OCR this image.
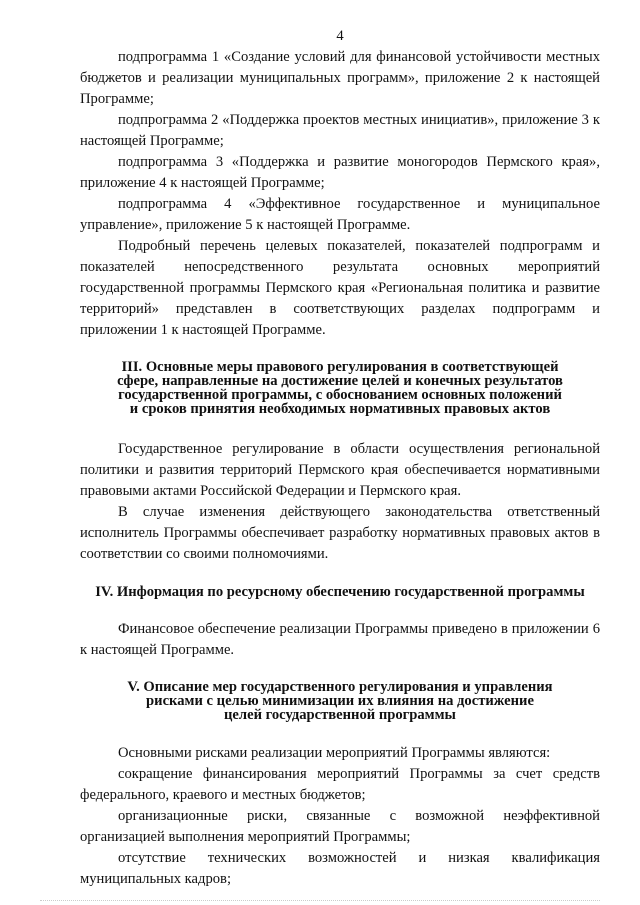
4

подпрограмма 1 «Создание условий для финансовой устойчивости местных бюджетов и реализации муниципальных программ», приложение 2 к настоящей Программе;

подпрограмма 2 «Поддержка проектов местных инициатив», приложение 3 к настоящей Программе;

подпрограмма 3 «Поддержка и развитие моногородов Пермского края», приложение 4 к настоящей Программе;

подпрограмма 4 «Эффективное государственное и муниципальное управление», приложение 5 к настоящей Программе.

Подробный перечень целевых показателей, показателей подпрограмм и показателей непосредственного результата основных мероприятий государственной программы Пермского края «Региональная политика и развитие территорий» представлен в соответствующих разделах подпрограмм и приложении 1 к настоящей Программе.

III. Основные меры правового регулирования в соответствующей
сфере, направленные на достижение целей и конечных результатов
государственной программы, с обоснованием основных положений
и сроков принятия необходимых нормативных правовых актов

Государственное регулирование в области осуществления региональной политики и развития территорий Пермского края обеспечивается нормативными правовыми актами Российской Федерации и Пермского края.

В случае изменения действующего законодательства ответственный исполнитель Программы обеспечивает разработку нормативных правовых актов в соответствии со своими полномочиями.

IV. Информация по ресурсному обеспечению государственной программы

Финансовое обеспечение реализации Программы приведено в приложении 6 к настоящей Программе.

V. Описание мер государственного регулирования и управления
рисками с целью минимизации их влияния на достижение
целей государственной программы

Основными рисками реализации мероприятий Программы являются:

сокращение финансирования мероприятий Программы за счет средств федерального, краевого и местных бюджетов;

организационные риски, связанные с возможной неэффективной организацией выполнения мероприятий Программы;

отсутствие технических возможностей и низкая квалификация муниципальных кадров;
